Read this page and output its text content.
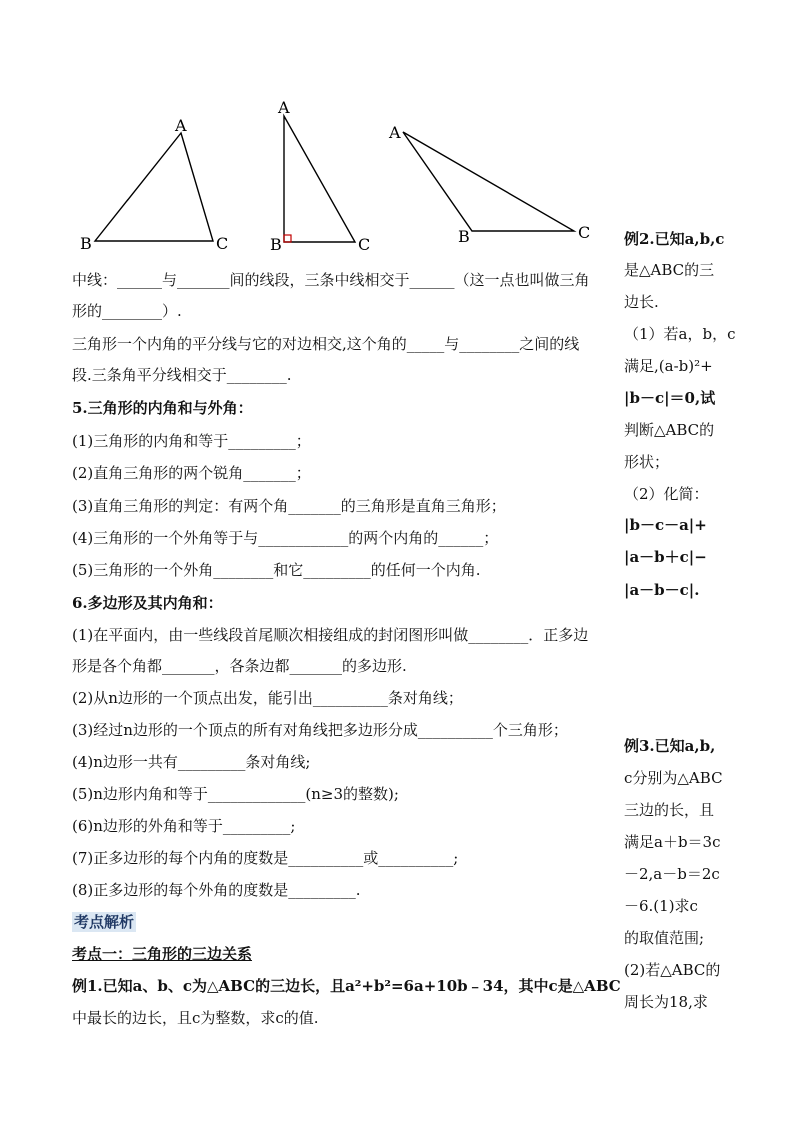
A
B	C
A
B	C
A
B	C
中线：______与_______间的线段，三条中线相交于______（这一点也叫做三角
形的________）.
三角形一个内角的平分线与它的对边相交,这个角的_____与________之间的线
段.三条角平分线相交于________.
5.三角形的内角和与外角：
(1)三角形的内角和等于_________；
(2)直角三角形的两个锐角_______；
(3)直角三角形的判定：有两个角_______的三角形是直角三角形；
(4)三角形的一个外角等于与____________的两个内角的______；
(5)三角形的一个外角________和它_________的任何一个内角.
6.多边形及其内角和：
(1)在平面内，由一些线段首尾顺次相接组成的封闭图形叫做________．正多边
形是各个角都_______，各条边都_______的多边形.
(2)从n边形的一个顶点出发，能引出__________条对角线；
(3)经过n边形的一个顶点的所有对角线把多边形分成__________个三角形；
(4)n边形一共有_________条对角线;
(5)n边形内角和等于_____________(n≥3的整数);
(6)n边形的外角和等于_________;
(7)正多边形的每个内角的度数是__________或__________;
(8)正多边形的每个外角的度数是_________.
考点解析
考点一：三角形的三边关系
例1.已知a、b、c为△ABC的三边长，且a²+b²=6a+10b﹣34，其中c是△ABC
中最长的边长，且c为整数，求c的值.
例2.已知a,b,c
是△ABC的三
边长.
（1）若a，b，c
满足,(a-b)²+
|b－c|＝0,试
判断△ABC的
形状；
（2）化简：
|b－c－a|+
|a－b＋c|−
|a－b－c|.
例3.已知a,b,
c分别为△ABC
三边的长，且
满足a＋b＝3c
－2,a－b＝2c
－6.(1)求c
的取值范围;
(2)若△ABC的
周长为18,求
